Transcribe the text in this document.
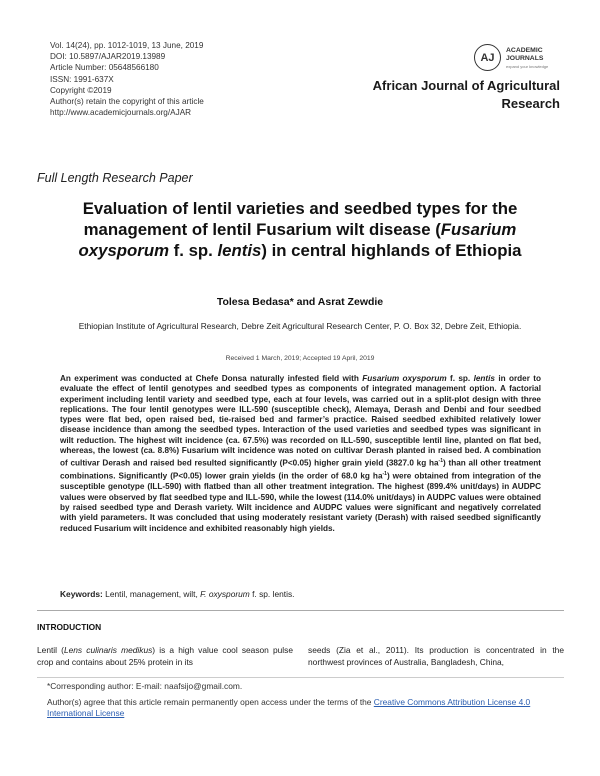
Vol. 14(24), pp. 1012-1019, 13 June, 2019
DOI: 10.5897/AJAR2019.13989
Article Number: 05648566180
ISSN: 1991-637X
Copyright ©2019
Author(s) retain the copyright of this article
http://www.academicjournals.org/AJAR
AJ
ACADEMIC
JOURNALS
expand your knowledge
African Journal of Agricultural
Research
Full Length Research Paper
Evaluation of lentil varieties and seedbed types for the management of lentil Fusarium wilt disease (Fusarium oxysporum f. sp. lentis) in central highlands of Ethiopia
Tolesa Bedasa* and Asrat Zewdie
Ethiopian Institute of Agricultural Research, Debre Zeit Agricultural Research Center, P. O. Box 32, Debre Zeit, Ethiopia.
Received 1 March, 2019; Accepted 19 April, 2019
An experiment was conducted at Chefe Donsa naturally infested field with Fusarium oxysporum f. sp. lentis in order to evaluate the effect of lentil genotypes and seedbed types as components of integrated management option. A factorial experiment including lentil variety and seedbed type, each at four levels, was carried out in a split-plot design with three replications. The four lentil genotypes were ILL-590 (susceptible check), Alemaya, Derash and Denbi and four seedbed types were flat bed, open raised bed, tie-raised bed and farmer’s practice. Raised seedbed exhibited relatively lower disease incidence than among the seedbed types. Interaction of the used varieties and seedbed types was significant in wilt reduction. The highest wilt incidence (ca. 67.5%) was recorded on ILL-590, susceptible lentil line, planted on flat bed, whereas, the lowest (ca. 8.8%) Fusarium wilt incidence was noted on cultivar Derash planted in raised bed. A combination of cultivar Derash and raised bed resulted significantly (P<0.05) higher grain yield (3827.0 kg $ha^{-1}$) than all other treatment combinations. Significantly (P<0.05) lower grain yields (in the order of 68.0 kg $ha^{-1}$) were obtained from integration of the susceptible genotype (ILL-590) with flatbed than all other treatment integration. The highest (899.4% unit/days) in AUDPC values were observed by flat seedbed type and ILL-590, while the lowest (114.0% unit/days) in AUDPC values were obtained by raised seedbed type and Derash variety. Wilt incidence and AUDPC values were significant and negatively correlated with yield parameters. It was concluded that using moderately resistant variety (Derash) with raised seedbed significantly reduced Fusarium wilt incidence and exhibited reasonably high yields.
Keywords: Lentil, management, wilt, F. oxysporum f. sp. lentis.
INTRODUCTION
Lentil (Lens culinaris medikus) is a high value cool season pulse crop and contains about 25% protein in its
seeds (Zia et al., 2011). Its production is concentrated in the northwest provinces of Australia, Bangladesh, China,
*Corresponding author: E-mail: naafsijo@gmail.com.
Author(s) agree that this article remain permanently open access under the terms of the Creative Commons Attribution License 4.0 International License
